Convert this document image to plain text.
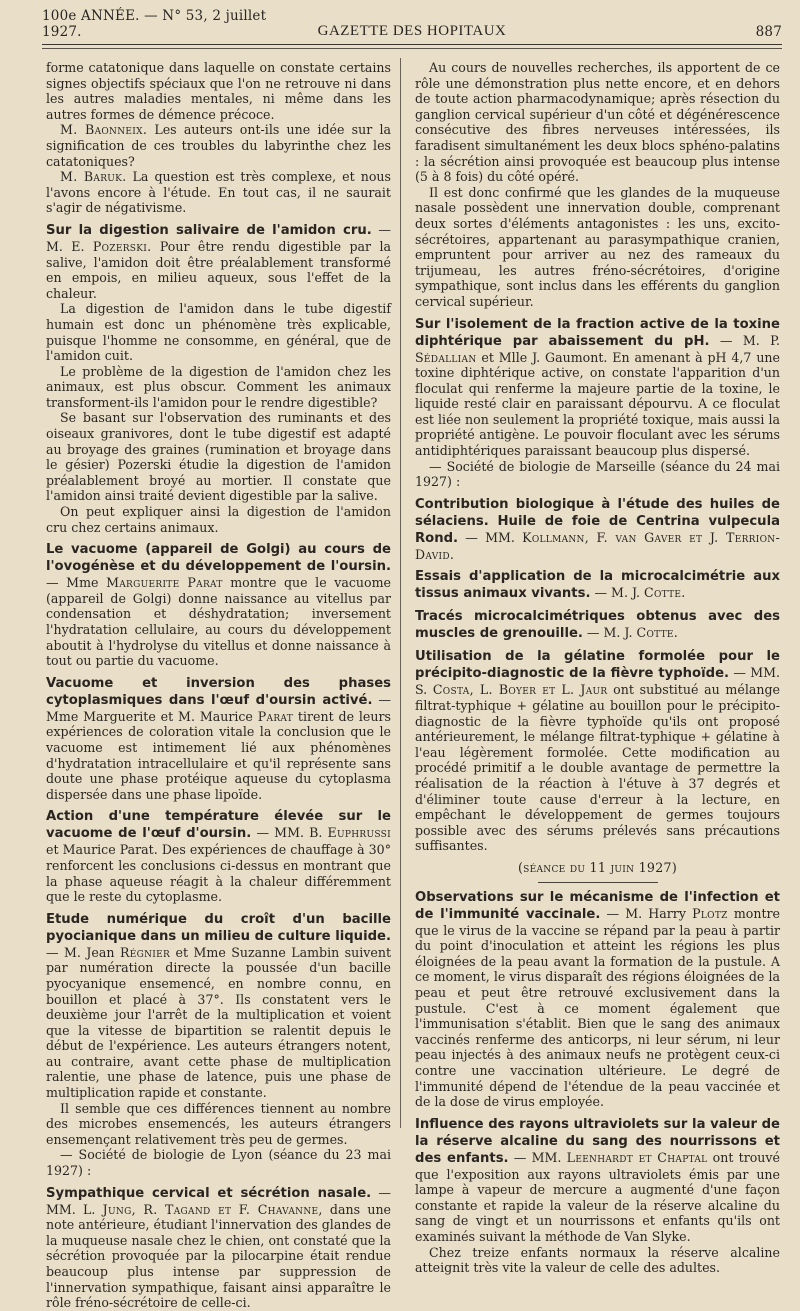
100e ANNÉE. — N° 53, 2 juillet 1927.	GAZETTE DES HOPITAUX	887

forme catatonique dans laquelle on constate certains signes objectifs spéciaux que l'on ne retrouve ni dans les autres maladies mentales, ni même dans les autres formes de démence précoce.

M. Baonneix. Les auteurs ont-ils une idée sur la signification de ces troubles du labyrinthe chez les catatoniques?

M. Baruk. La question est très complexe, et nous l'avons encore à l'étude. En tout cas, il ne saurait s'agir de négativisme.

Sur la digestion salivaire de l'amidon cru. — M. E. Pozerski. Pour être rendu digestible par la salive, l'amidon doit être préalablement transformé en empois, en milieu aqueux, sous l'effet de la chaleur.

La digestion de l'amidon dans le tube digestif humain est donc un phénomène très explicable, puisque l'homme ne consomme, en général, que de l'amidon cuit.

Le problème de la digestion de l'amidon chez les animaux, est plus obscur. Comment les animaux transforment-ils l'amidon pour le rendre digestible?

Se basant sur l'observation des ruminants et des oiseaux granivores, dont le tube digestif est adapté au broyage des graines (rumination et broyage dans le gésier) Pozerski étudie la digestion de l'amidon préalablement broyé au mortier. Il constate que l'amidon ainsi traité devient digestible par la salive.

On peut expliquer ainsi la digestion de l'amidon cru chez certains animaux.

Le vacuome (appareil de Golgi) au cours de l'ovogénèse et du développement de l'oursin. — Mme Marguerite Parat montre que le vacuome (appareil de Golgi) donne naissance au vitellus par condensation et déshydratation; inversement l'hydratation cellulaire, au cours du développement aboutit à l'hydrolyse du vitellus et donne naissance à tout ou partie du vacuome.

Vacuome et inversion des phases cytoplasmiques dans l'œuf d'oursin activé. — Mme Marguerite et M. Maurice Parat tirent de leurs expériences de coloration vitale la conclusion que le vacuome est intimement lié aux phénomènes d'hydratation intracellulaire et qu'il représente sans doute une phase protéique aqueuse du cytoplasma dispersée dans une phase lipoïde.

Action d'une température élevée sur le vacuome de l'œuf d'oursin. — MM. B. Euphrussi et Maurice Parat. Des expériences de chauffage à 30° renforcent les conclusions ci-dessus en montrant que la phase aqueuse réagit à la chaleur différemment que le reste du cytoplasme.

Etude numérique du croît d'un bacille pyocianique dans un milieu de culture liquide. — M. Jean Régnier et Mme Suzanne Lambin suivent par numération directe la poussée d'un bacille pyocyanique ensemencé, en nombre connu, en bouillon et placé à 37°. Ils constatent vers le deuxième jour l'arrêt de la multiplication et voient que la vitesse de bipartition se ralentit depuis le début de l'expérience. Les auteurs étrangers notent, au contraire, avant cette phase de multiplication ralentie, une phase de latence, puis une phase de multiplication rapide et constante.

Il semble que ces différences tiennent au nombre des microbes ensemencés, les auteurs étrangers ensemençant relativement très peu de germes.

— Société de biologie de Lyon (séance du 23 mai 1927) :

Sympathique cervical et sécrétion nasale. — MM. L. Jung, R. Tagand et F. Chavanne, dans une note antérieure, étudiant l'innervation des glandes de la muqueuse nasale chez le chien, ont constaté que la sécrétion provoquée par la pilocarpine était rendue beaucoup plus intense par suppression de l'innervation sympathique, faisant ainsi apparaître le rôle fréno-sécrétoire de celle-ci.

Au cours de nouvelles recherches, ils apportent de ce rôle une démonstration plus nette encore, et en dehors de toute action pharmacodynamique; après résection du ganglion cervical supérieur d'un côté et dégénérescence consécutive des fibres nerveuses intéressées, ils faradisent simultanément les deux blocs sphéno-palatins : la sécrétion ainsi provoquée est beaucoup plus intense (5 à 8 fois) du côté opéré.

Il est donc confirmé que les glandes de la muqueuse nasale possèdent une innervation double, comprenant deux sortes d'éléments antagonistes : les uns, excito-sécrétoires, appartenant au parasympathique cranien, empruntent pour arriver au nez des rameaux du trijumeau, les autres fréno-sécrétoires, d'origine sympathique, sont inclus dans les efférents du ganglion cervical supérieur.

Sur l'isolement de la fraction active de la toxine diphtérique par abaissement du pH. — M. P. Sédallian et Mlle J. Gaumont. En amenant à pH 4,7 une toxine diphtérique active, on constate l'apparition d'un floculat qui renferme la majeure partie de la toxine, le liquide resté clair en paraissant dépourvu. A ce floculat est liée non seulement la propriété toxique, mais aussi la propriété antigène. Le pouvoir floculant avec les sérums antidiphtériques paraissant beaucoup plus dispersé.

— Société de biologie de Marseille (séance du 24 mai 1927) :

Contribution biologique à l'étude des huiles de sélaciens. Huile de foie de Centrina vulpecula Rond. — MM. Kollmann, F. van Gaver et J. Terrion-David.

Essais d'application de la microcalcimétrie aux tissus animaux vivants. — M. J. Cotte.

Tracés microcalcimétriques obtenus avec des muscles de grenouille. — M. J. Cotte.

Utilisation de la gélatine formolée pour le précipito-diagnostic de la fièvre typhoïde. — MM. S. Costa, L. Boyer et L. Jaur ont substitué au mélange filtrat-typhique + gélatine au bouillon pour le précipito-diagnostic de la fièvre typhoïde qu'ils ont proposé antérieurement, le mélange filtrat-typhique + gélatine à l'eau légèrement formolée. Cette modification au procédé primitif a le double avantage de permettre la réalisation de la réaction à l'étuve à 37 degrés et d'éliminer toute cause d'erreur à la lecture, en empêchant le développement de germes toujours possible avec des sérums prélevés sans précautions suffisantes.

(séance du 11 juin 1927)

Observations sur le mécanisme de l'infection et de l'immunité vaccinale. — M. Harry Plotz montre que le virus de la vaccine se répand par la peau à partir du point d'inoculation et atteint les régions les plus éloignées de la peau avant la formation de la pustule. A ce moment, le virus disparaît des régions éloignées de la peau et peut être retrouvé exclusivement dans la pustule. C'est à ce moment également que l'immunisation s'établit. Bien que le sang des animaux vaccinés renferme des anticorps, ni leur sérum, ni leur peau injectés à des animaux neufs ne protègent ceux-ci contre une vaccination ultérieure. Le degré de l'immunité dépend de l'étendue de la peau vaccinée et de la dose de virus employée.

Influence des rayons ultraviolets sur la valeur de la réserve alcaline du sang des nourrissons et des enfants. — MM. Leenhardt et Chaptal ont trouvé que l'exposition aux rayons ultraviolets émis par une lampe à vapeur de mercure a augmenté d'une façon constante et rapide la valeur de la réserve alcaline du sang de vingt et un nourrissons et enfants qu'ils ont examinés suivant la méthode de Van Slyke.

Chez treize enfants normaux la réserve alcaline atteignit très vite la valeur de celle des adultes.
